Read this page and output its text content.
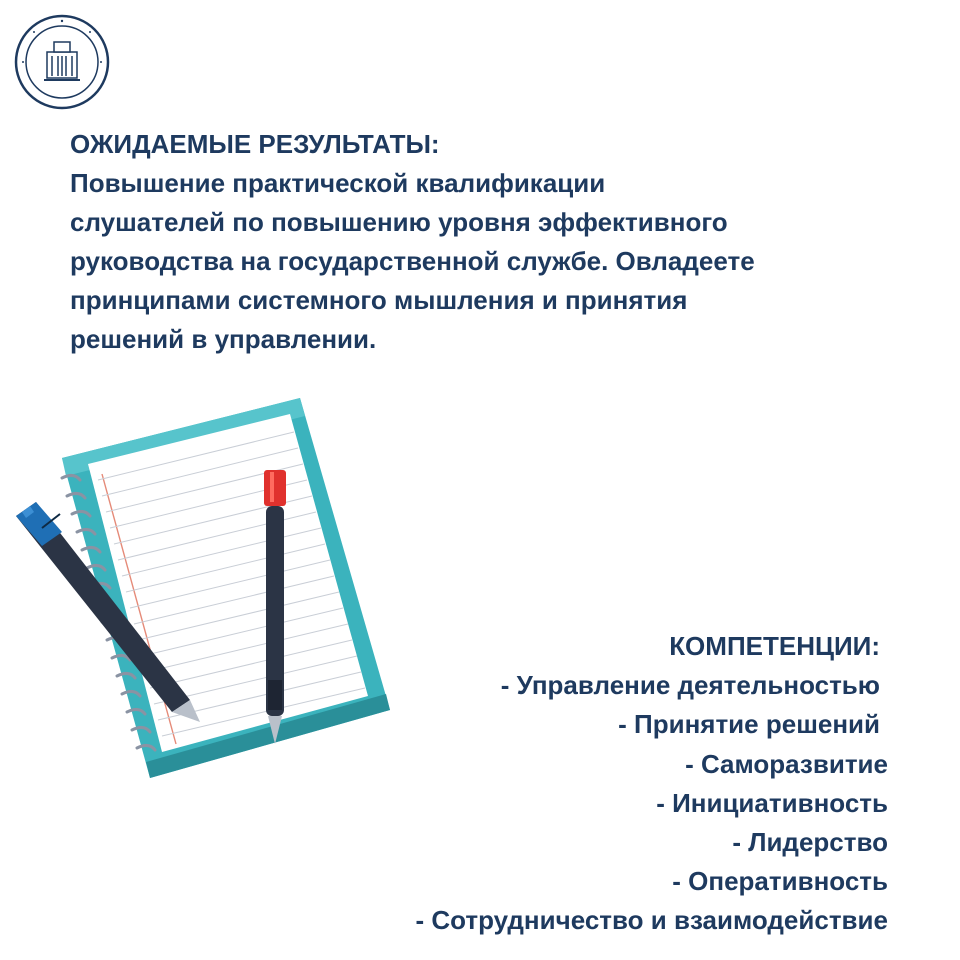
ОЖИДАЕМЫЕ РЕЗУЛЬТАТЫ:
Повышение практической квалификации
слушателей по повышению уровня эффективного
руководства на государственной службе. Овладеете
принципами системного мышления и принятия
решений в управлении.
КОМПЕТЕНЦИИ:
- Управление деятельностью
- Принятие решений
- Саморазвитие
- Инициативность
- Лидерство
- Оперативность
- Сотрудничество и взаимодействие
